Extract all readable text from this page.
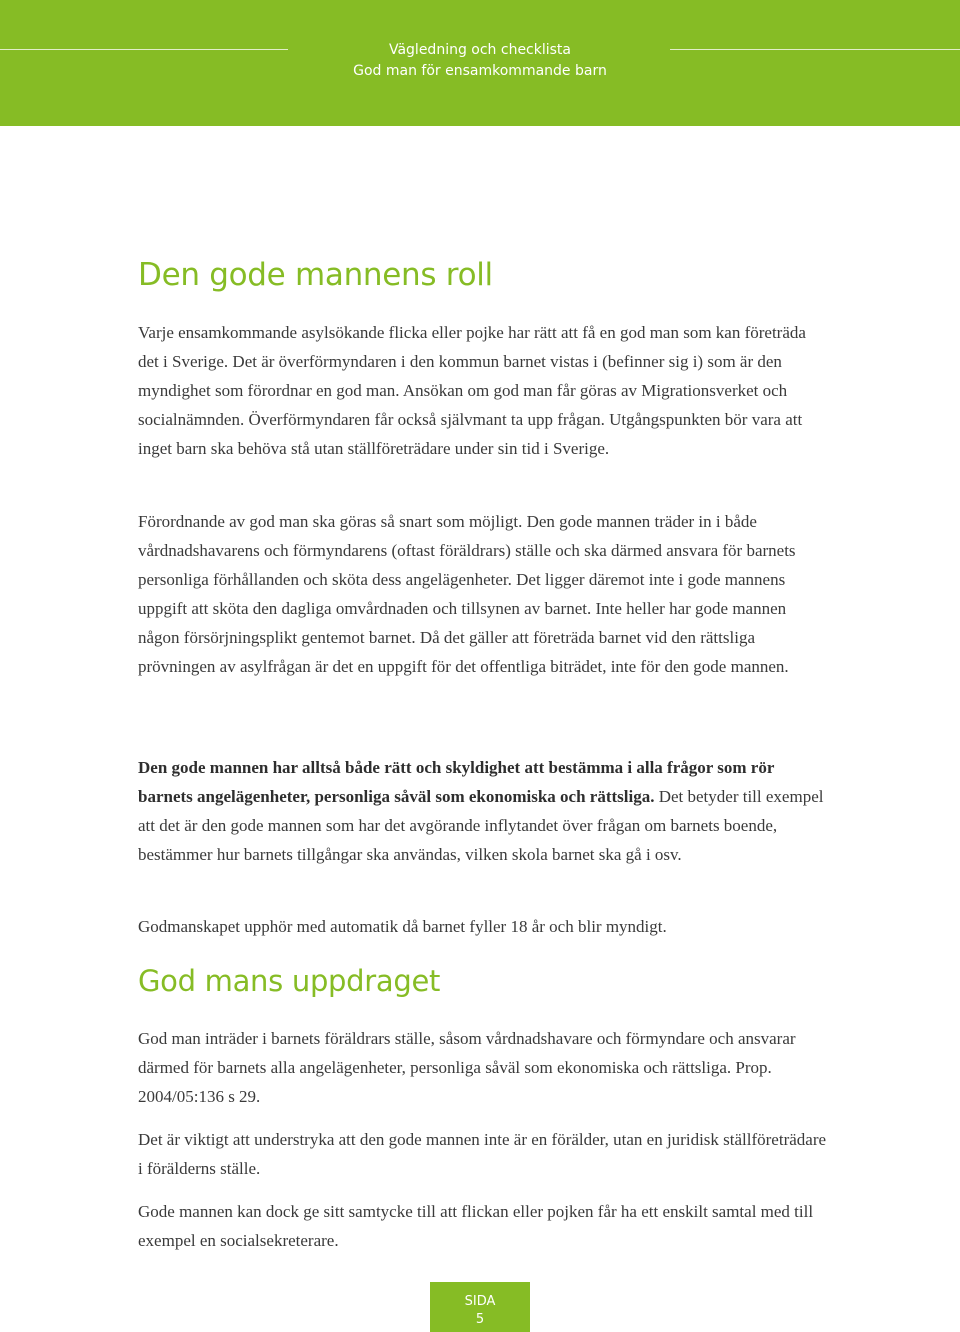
Vägledning och checklista
God man för ensamkommande barn
Den gode mannens roll

Varje ensamkommande asylsökande flicka eller pojke har rätt att få en god man som kan företräda det i Sverige. Det är överförmyndaren i den kommun barnet vistas i (befinner sig i) som är den myndighet som förordnar en god man. Ansökan om god man får göras av Migrationsverket och socialnämnden. Överförmyndaren får också självmant ta upp frågan. Utgångspunkten bör vara att inget barn ska behöva stå utan ställföreträdare under sin tid i Sverige.

Förordnande av god man ska göras så snart som möjligt. Den gode mannen träder in i både vårdnadshavarens och förmyndarens (oftast föräldrars) ställe och ska därmed ansvara för barnets personliga förhållanden och sköta dess angelägenheter. Det ligger däremot inte i gode mannens uppgift att sköta den dagliga omvårdnaden och tillsynen av barnet. Inte heller har gode mannen någon försörjningsplikt gentemot barnet. Då det gäller att företräda barnet vid den rättsliga prövningen av asylfrågan är det en uppgift för det offentliga biträdet, inte för den gode mannen.

Den gode mannen har alltså både rätt och skyldighet att bestämma i alla frågor som rör barnets angelägenheter, personliga såväl som ekonomiska och rättsliga. Det betyder till exempel att det är den gode mannen som har det avgörande inflytandet över frågan om barnets boende, bestämmer hur barnets tillgångar ska användas, vilken skola barnet ska gå i osv.

Godmanskapet upphör med automatik då barnet fyller 18 år och blir myndigt.

God mans uppdraget

God man inträder i barnets föräldrars ställe, såsom vårdnadshavare och förmyndare och ansvarar därmed för barnets alla angelägenheter, personliga såväl som ekonomiska och rättsliga. Prop. 2004/05:136 s 29.

Det är viktigt att understryka att den gode mannen inte är en förälder, utan en juridisk ställföreträdare i förälderns ställe.

Gode mannen kan dock ge sitt samtycke till att flickan eller pojken får ha ett enskilt samtal med till exempel en socialsekreterare.

SIDA
5
